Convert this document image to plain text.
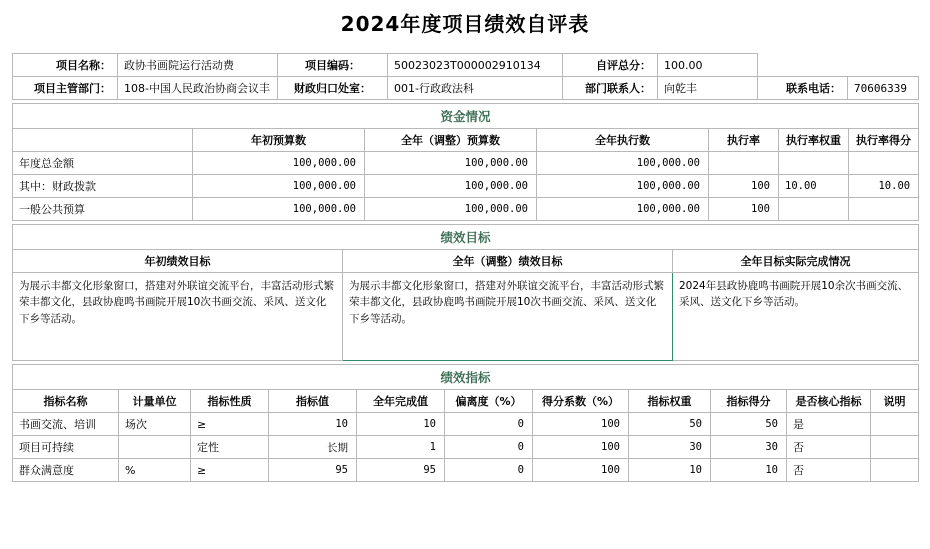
2024年度项目绩效自评表
项目名称：	政协书画院运行活动费	项目编码：	50023023T000002910134	自评总分：	100.00		
项目主管部门：	108-中国人民政治协商会议丰	财政归口处室：	001-行政政法科	部门联系人：	向乾丰	联系电话：	70606339
资金情况						
	年初预算数	全年（调整）预算数	全年执行数	执行率	执行率权重	执行率得分
年度总金额	100,000.00	100,000.00	100,000.00			
其中：财政拨款	100,000.00	100,000.00	100,000.00	100	10.00	10.00
一般公共预算	100,000.00	100,000.00	100,000.00	100		
绩效目标		
年初绩效目标	全年（调整）绩效目标	全年目标实际完成情况
为展示丰都文化形象窗口，搭建对外联谊交流平台，丰富活动形式繁荣丰都文化，县政协鹿鸣书画院开展10次书画交流、采风、送文化下乡等活动。	为展示丰都文化形象窗口，搭建对外联谊交流平台，丰富活动形式繁荣丰都文化，县政协鹿鸣书画院开展10次书画交流、采风、送文化下乡等活动。	2024年县政协鹿鸣书画院开展10余次书画交流、采风、送文化下乡等活动。
绩效指标										
指标名称	计量单位	指标性质	指标值	全年完成值	偏离度（%）	得分系数（%）	指标权重	指标得分	是否核心指标	说明
书画交流、培训	场次	≥	10	10	0	100	50	50	是	
项目可持续		定性	长期	1	0	100	30	30	否	
群众满意度	%	≥	95	95	0	100	10	10	否	
